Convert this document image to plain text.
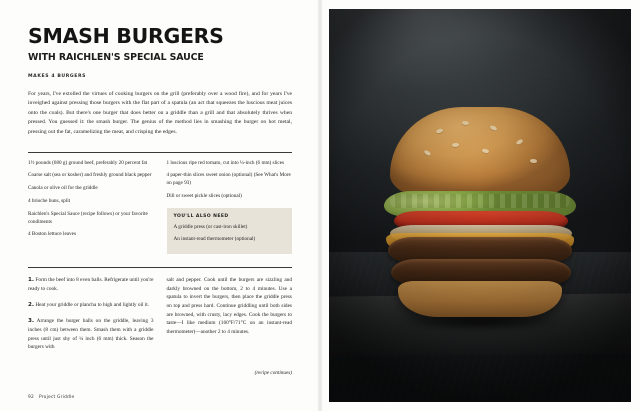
SMASH BURGERS
WITH RAICHLEN'S SPECIAL SAUCE
MAKES 4 BURGERS

For years, I've extolled the virtues of cooking burgers on the grill (preferably over a wood fire), and for years I've inveighed against pressing those burgers with the flat part of a spatula (an act that squeezes the luscious meat juices onto the coals). But there's one burger that does better on a griddle than a grill and that absolutely thrives when pressed. You guessed it: the smash burger. The genius of the method lies in smashing the burger on hot metal, pressing out the fat, caramelizing the meat, and crisping the edges.

1½ pounds (680 g) ground beef, preferably 20 percent fat
Coarse salt (sea or kosher) and freshly ground black pepper
Canola or olive oil for the griddle
4 brioche buns, split
Raichlen's Special Sauce (recipe follows) or your favorite condiments
4 Boston lettuce leaves
1 luscious ripe red tomato, cut into ¼-inch (6 mm) slices
4 paper-thin slices sweet onion (optional) (See What's More on page 93)
Dill or sweet pickle slices (optional)
YOU'LL ALSO NEED

A griddle press (or cast-iron skillet)

An instant-read thermometer (optional)

1. Form the beef into 8 even balls. Refrigerate until you're ready to cook.

2. Heat your griddle or plancha to high and lightly oil it.

3. Arrange the burger balls on the griddle, leaving 3 inches (8 cm) between them. Smash them with a griddle press until just shy of ¼ inch (6 mm) thick. Season the burgers with

salt and pepper. Cook until the burgers are sizzling and darkly browned on the bottom, 2 to 4 minutes. Use a spatula to invert the burgers, then place the griddle press on top and press hard. Continue griddling until both sides are browned, with crusty, lacy edges. Cook the burgers to taste—I like medium (160°F/71°C on an instant-read thermometer)—another 2 to 4 minutes.

(recipe continues)
92 Project Griddle
